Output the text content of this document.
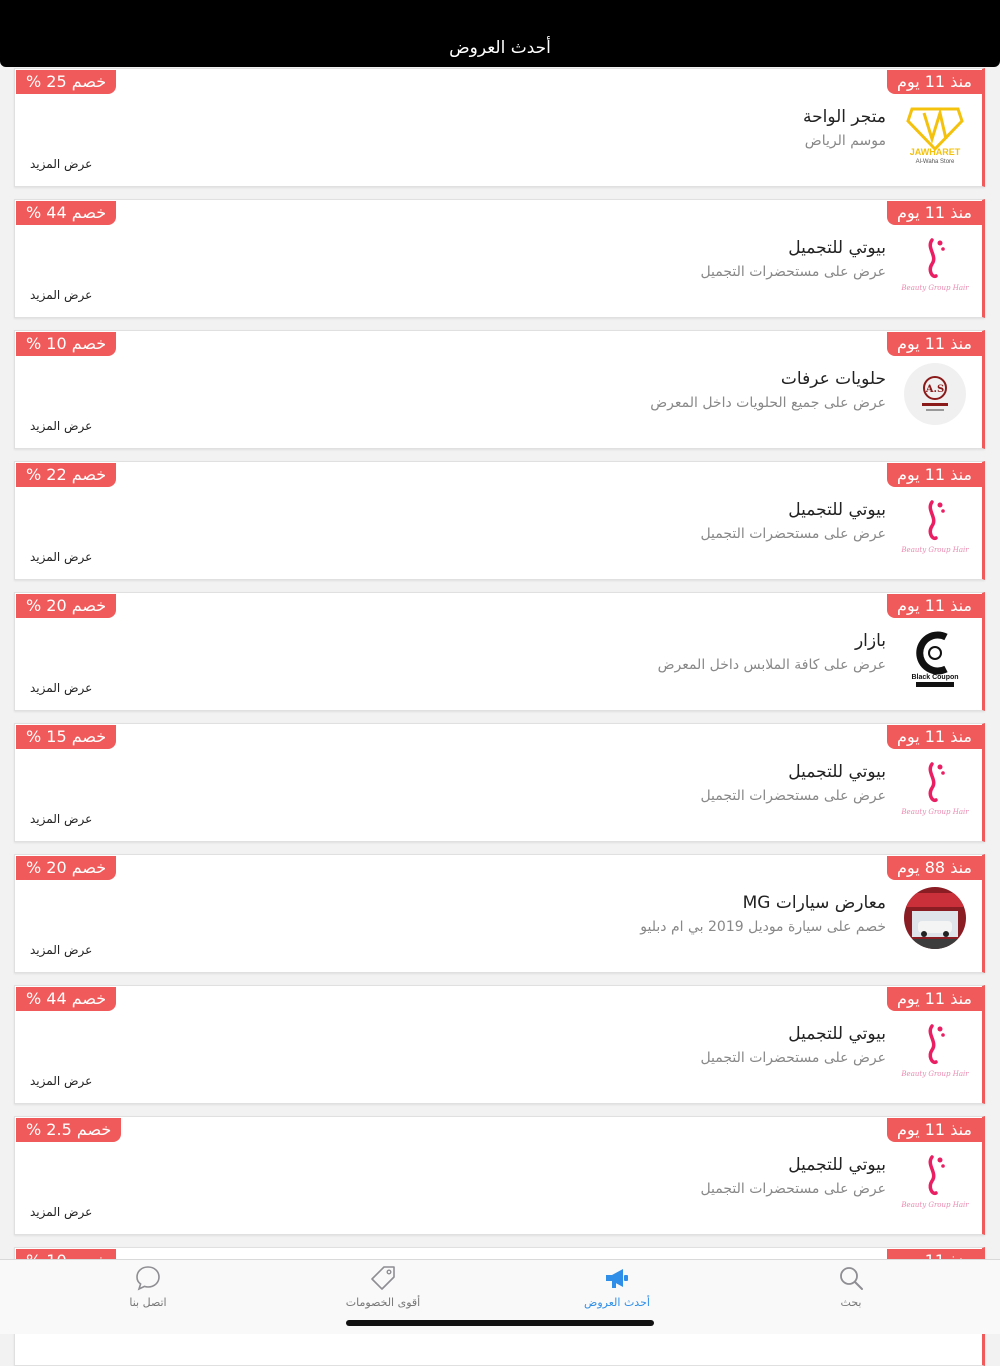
أحدث العروض
خصم 25 %	منذ 11 يوم
JAWHARET
Al-Waha Store
متجر الواحة
موسم الرياض
عرض المزيد
خصم 44 %	منذ 11 يوم
Beauty Group Hair
بيوتي للتجميل
عرض على مستحضرات التجميل
عرض المزيد
خصم 10 %	منذ 11 يوم
A.S
حلويات عرفات
عرض على جميع الحلويات داخل المعرض
عرض المزيد
خصم 22 %	منذ 11 يوم
Beauty Group Hair
بيوتي للتجميل
عرض على مستحضرات التجميل
عرض المزيد
خصم 20 %	منذ 11 يوم
Black Coupon
بازار
عرض على كافة الملابس داخل المعرض
عرض المزيد
خصم 15 %	منذ 11 يوم
Beauty Group Hair
بيوتي للتجميل
عرض على مستحضرات التجميل
عرض المزيد
خصم 20 %	منذ 88 يوم
معارض سيارات MG
خصم على سيارة موديل 2019 بي ام دبليو
عرض المزيد
خصم 44 %	منذ 11 يوم
Beauty Group Hair
بيوتي للتجميل
عرض على مستحضرات التجميل
عرض المزيد
خصم 2.5 %	منذ 11 يوم
Beauty Group Hair
بيوتي للتجميل
عرض على مستحضرات التجميل
عرض المزيد
اتصل بنا	أقوى الخصومات	أحدث العروض	بحث
